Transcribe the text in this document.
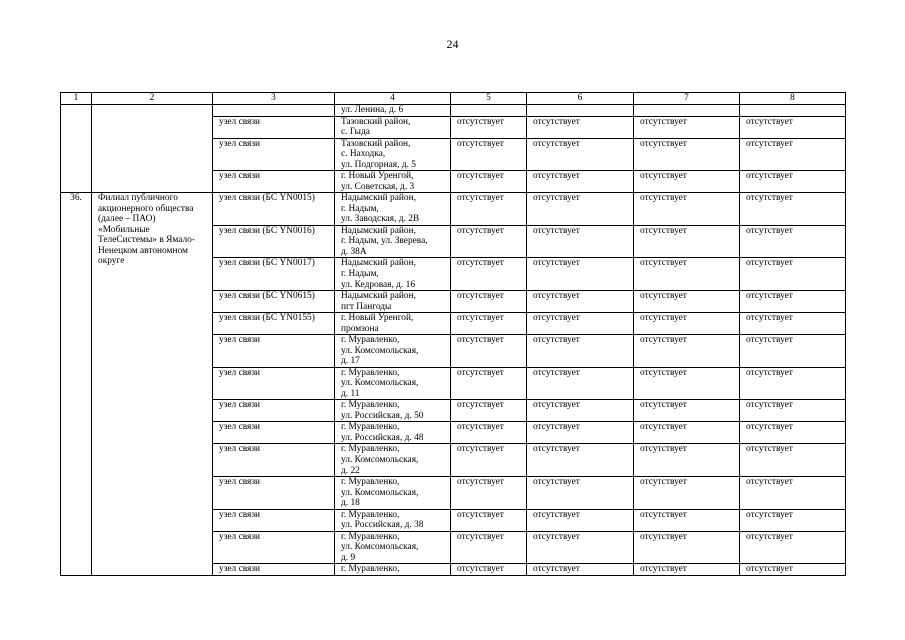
24
1	2	3	4	5	6	7	8
			ул. Ленина, д. 6				
		узел связи	Тазовский район,
с. Гыда	отсутствует	отсутствует	отсутствует	отсутствует
		узел связи	Тазовский район,
с. Находка,
ул. Подгорная, д. 5	отсутствует	отсутствует	отсутствует	отсутствует
		узел связи	г. Новый Уренгой,
ул. Советская, д. 3	отсутствует	отсутствует	отсутствует	отсутствует
36.	Филиал публичного акционерного общества (далее – ПАО) «Мобильные ТелеСистемы» в Ямало-Ненецком автономном округе	узел связи (БС YN0015)	Надымский район,
г. Надым,
ул. Заводская, д. 2В	отсутствует	отсутствует	отсутствует	отсутствует
		узел связи (БС YN0016)	Надымский район,
г. Надым, ул. Зверева,
д. 38А	отсутствует	отсутствует	отсутствует	отсутствует
		узел связи (БС YN0017)	Надымский район,
г. Надым,
ул. Кедровая, д. 16	отсутствует	отсутствует	отсутствует	отсутствует
		узел связи (БС YN0615)	Надымский район,
пгт Пангоды	отсутствует	отсутствует	отсутствует	отсутствует
		узел связи (БС YN0155)	г. Новый Уренгой,
промзона	отсутствует	отсутствует	отсутствует	отсутствует
		узел связи	г. Муравленко,
ул. Комсомольская,
д. 17	отсутствует	отсутствует	отсутствует	отсутствует
		узел связи	г. Муравленко,
ул. Комсомольская,
д. 11	отсутствует	отсутствует	отсутствует	отсутствует
		узел связи	г. Муравленко,
ул. Российская, д. 50	отсутствует	отсутствует	отсутствует	отсутствует
		узел связи	г. Муравленко,
ул. Российская, д. 48	отсутствует	отсутствует	отсутствует	отсутствует
		узел связи	г. Муравленко,
ул. Комсомольская,
д. 22	отсутствует	отсутствует	отсутствует	отсутствует
		узел связи	г. Муравленко,
ул. Комсомольская,
д. 18	отсутствует	отсутствует	отсутствует	отсутствует
		узел связи	г. Муравленко,
ул. Российская, д. 38	отсутствует	отсутствует	отсутствует	отсутствует
		узел связи	г. Муравленко,
ул. Комсомольская,
д. 9	отсутствует	отсутствует	отсутствует	отсутствует
		узел связи	г. Муравленко,	отсутствует	отсутствует	отсутствует	отсутствует
